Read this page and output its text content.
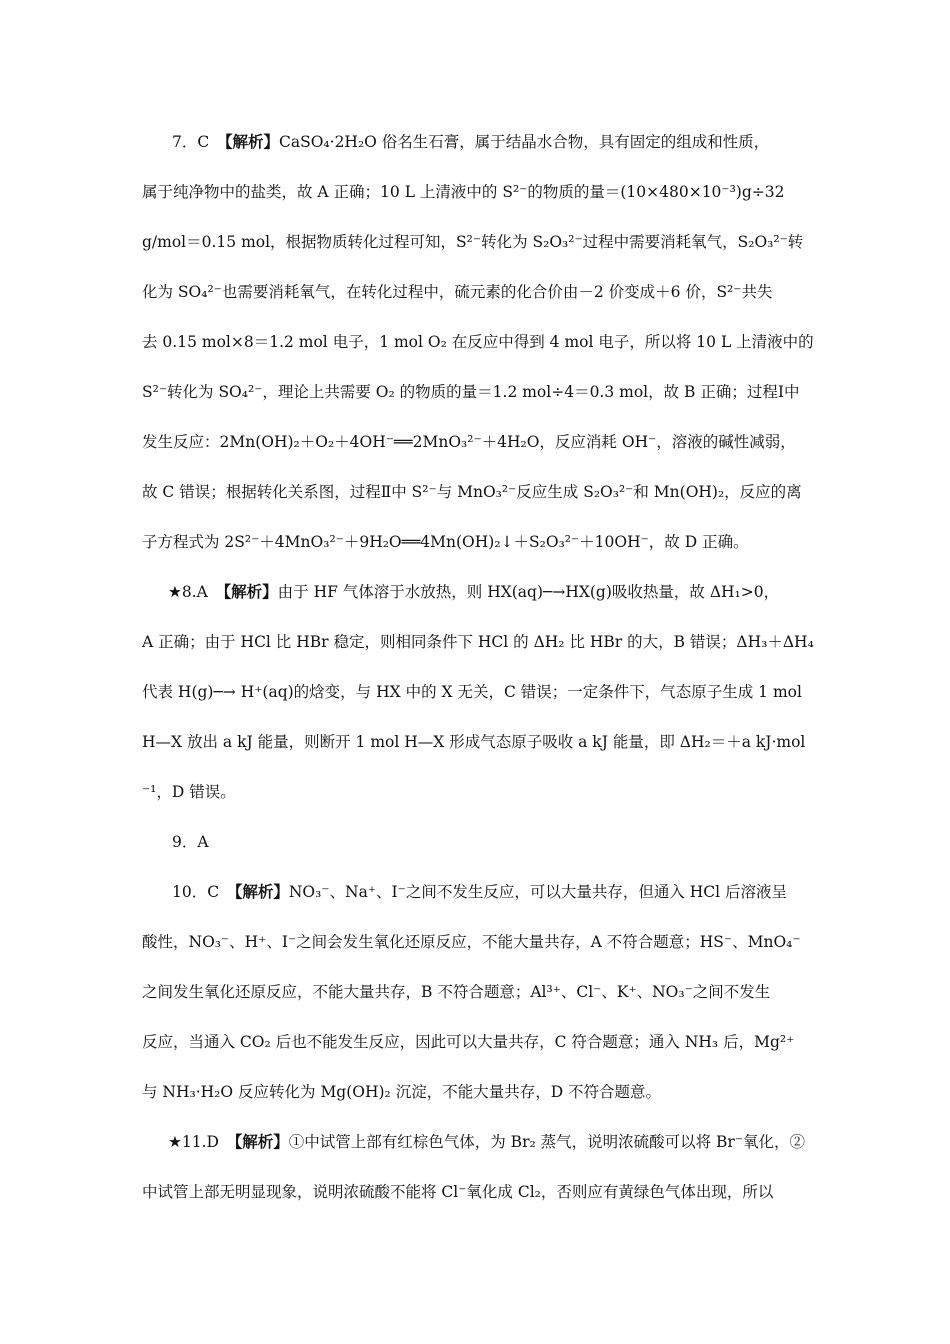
7．C　【解析】CaSO₄·2H₂O 俗名生石膏，属于结晶水合物，具有固定的组成和性质，
属于纯净物中的盐类，故 A 正确；10 L 上清液中的 S²⁻的物质的量＝(10×480×10⁻³)g÷32
g/mol＝0.15 mol，根据物质转化过程可知，S²⁻转化为 S₂O₃²⁻过程中需要消耗氧气，S₂O₃²⁻转
化为 SO₄²⁻也需要消耗氧气，在转化过程中，硫元素的化合价由－2 价变成＋6 价，S²⁻共失
去 0.15 mol×8＝1.2 mol 电子，1 mol O₂ 在反应中得到 4 mol 电子，所以将 10 L 上清液中的
S²⁻转化为 SO₄²⁻，理论上共需要 O₂ 的物质的量＝1.2 mol÷4＝0.3 mol，故 B 正确；过程Ⅰ中
发生反应：2Mn(OH)₂＋O₂＋4OH⁻══2MnO₃²⁻＋4H₂O，反应消耗 OH⁻，溶液的碱性减弱，
故 C 错误；根据转化关系图，过程Ⅱ中 S²⁻与 MnO₃²⁻反应生成 S₂O₃²⁻和 Mn(OH)₂，反应的离
子方程式为 2S²⁻＋4MnO₃²⁻＋9H₂O══4Mn(OH)₂↓＋S₂O₃²⁻＋10OH⁻，故 D 正确。
★8.A　【解析】由于 HF 气体溶于水放热，则 HX(aq)─→HX(g)吸收热量，故 ΔH₁>0，
A 正确；由于 HCl 比 HBr 稳定，则相同条件下 HCl 的 ΔH₂ 比 HBr 的大，B 错误；ΔH₃＋ΔH₄
代表 H(g)─→ H⁺(aq)的焓变，与 HX 中的 X 无关，C 错误；一定条件下，气态原子生成 1 mol
H—X 放出 a kJ 能量，则断开 1 mol H—X 形成气态原子吸收 a kJ 能量，即 ΔH₂＝＋a kJ·mol
⁻¹，D 错误。
9．A
10．C　【解析】NO₃⁻、Na⁺、I⁻之间不发生反应，可以大量共存，但通入 HCl 后溶液呈
酸性，NO₃⁻、H⁺、I⁻之间会发生氧化还原反应，不能大量共存，A 不符合题意；HS⁻、MnO₄⁻
之间发生氧化还原反应，不能大量共存，B 不符合题意；Al³⁺、Cl⁻、K⁺、NO₃⁻之间不发生
反应，当通入 CO₂ 后也不能发生反应，因此可以大量共存，C 符合题意；通入 NH₃ 后，Mg²⁺
与 NH₃·H₂O 反应转化为 Mg(OH)₂ 沉淀，不能大量共存，D 不符合题意。
★11.D　【解析】①中试管上部有红棕色气体，为 Br₂ 蒸气，说明浓硫酸可以将 Br⁻氧化，②
中试管上部无明显现象，说明浓硫酸不能将 Cl⁻氧化成 Cl₂，否则应有黄绿色气体出现，所以
